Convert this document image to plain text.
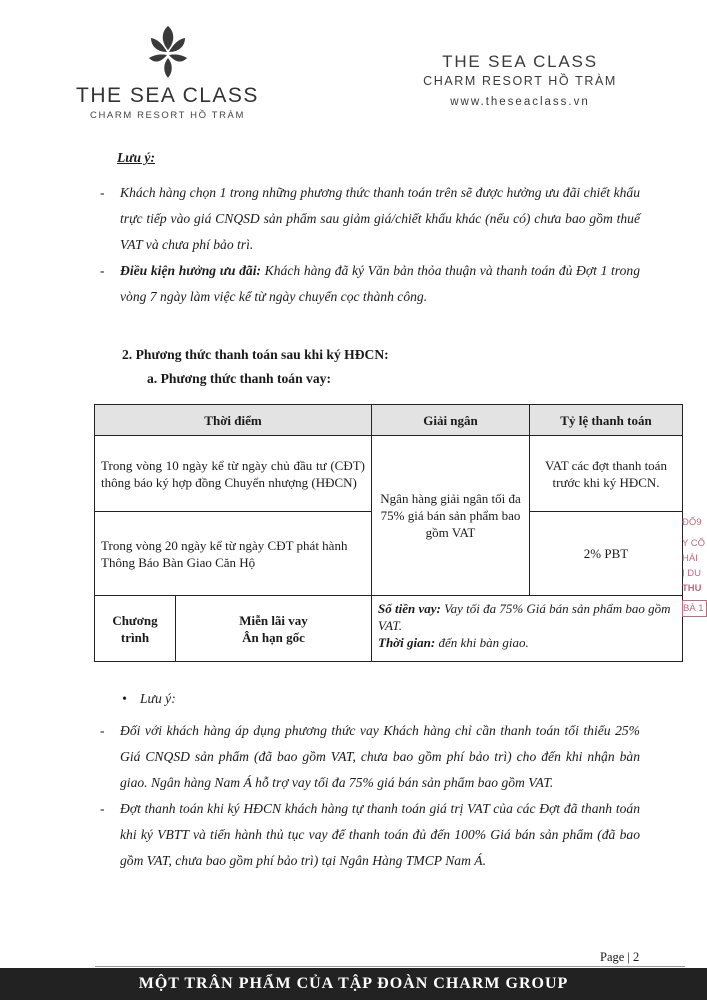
THE SEA CLASS
CHARM RESORT HỒ TRÀM
THE SEA CLASS
CHARM RESORT HỒ TRÀM
www.theseaclass.vn
Lưu ý:
- Khách hàng chọn 1 trong những phương thức thanh toán trên sẽ được hưởng ưu đãi chiết khấu trực tiếp vào giá CNQSD sản phẩm sau giảm giá/chiết khấu khác (nếu có) chưa bao gồm thuế VAT và chưa phí bảo trì.
- Điều kiện hưởng ưu đãi: Khách hàng đã ký Văn bản thỏa thuận và thanh toán đủ Đợt 1 trong vòng 7 ngày làm việc kể từ ngày chuyển cọc thành công.
2. Phương thức thanh toán sau khi ký HĐCN:
a. Phương thức thanh toán vay:
Thời điểm		Giải ngân	Tỷ lệ thanh toán
Trong vòng 10 ngày kể từ ngày chủ đầu tư (CĐT) thông báo ký hợp đồng Chuyển nhượng (HĐCN)		Ngân hàng giải ngân tối đa 75% giá bán sản phẩm bao gồm VAT	VAT các đợt thanh toán trước khi ký HĐCN.
Trong vòng 20 ngày kể từ ngày CĐT phát hành Thông Báo Bàn Giao Căn Hộ			2% PBT
Chương trình	Miễn lãi vay Ân hạn gốc	Số tiền vay: Vay tối đa 75% Giá bán sản phẩm bao gồm VAT.
Thời gian: đến khi bàn giao.	
• Lưu ý:
- Đối với khách hàng áp dụng phương thức vay Khách hàng chỉ cần thanh toán tối thiểu 25% Giá CNQSD sản phẩm (đã bao gồm VAT, chưa bao gồm phí bảo trì) cho đến khi nhận bàn giao. Ngân hàng Nam Á hỗ trợ vay tối đa 75% giá bán sản phẩm bao gồm VAT.
- Đợt thanh toán khi ký HĐCN khách hàng tự thanh toán giá trị VAT của các Đợt đã thanh toán khi ký VBTT và tiến hành thủ tục vay để thanh toán đủ đến 100% Giá bán sản phẩm (đã bao gồm VAT, chưa bao gồm phí bảo trì) tại Ngân Hàng TMCP Nam Á.
ĐỐ9
Y CỔ
HÁI
Ị DU
THU
BÀ 1
Page | 2
MỘT TRÂN PHẨM CỦA TẬP ĐOÀN CHARM GROUP
